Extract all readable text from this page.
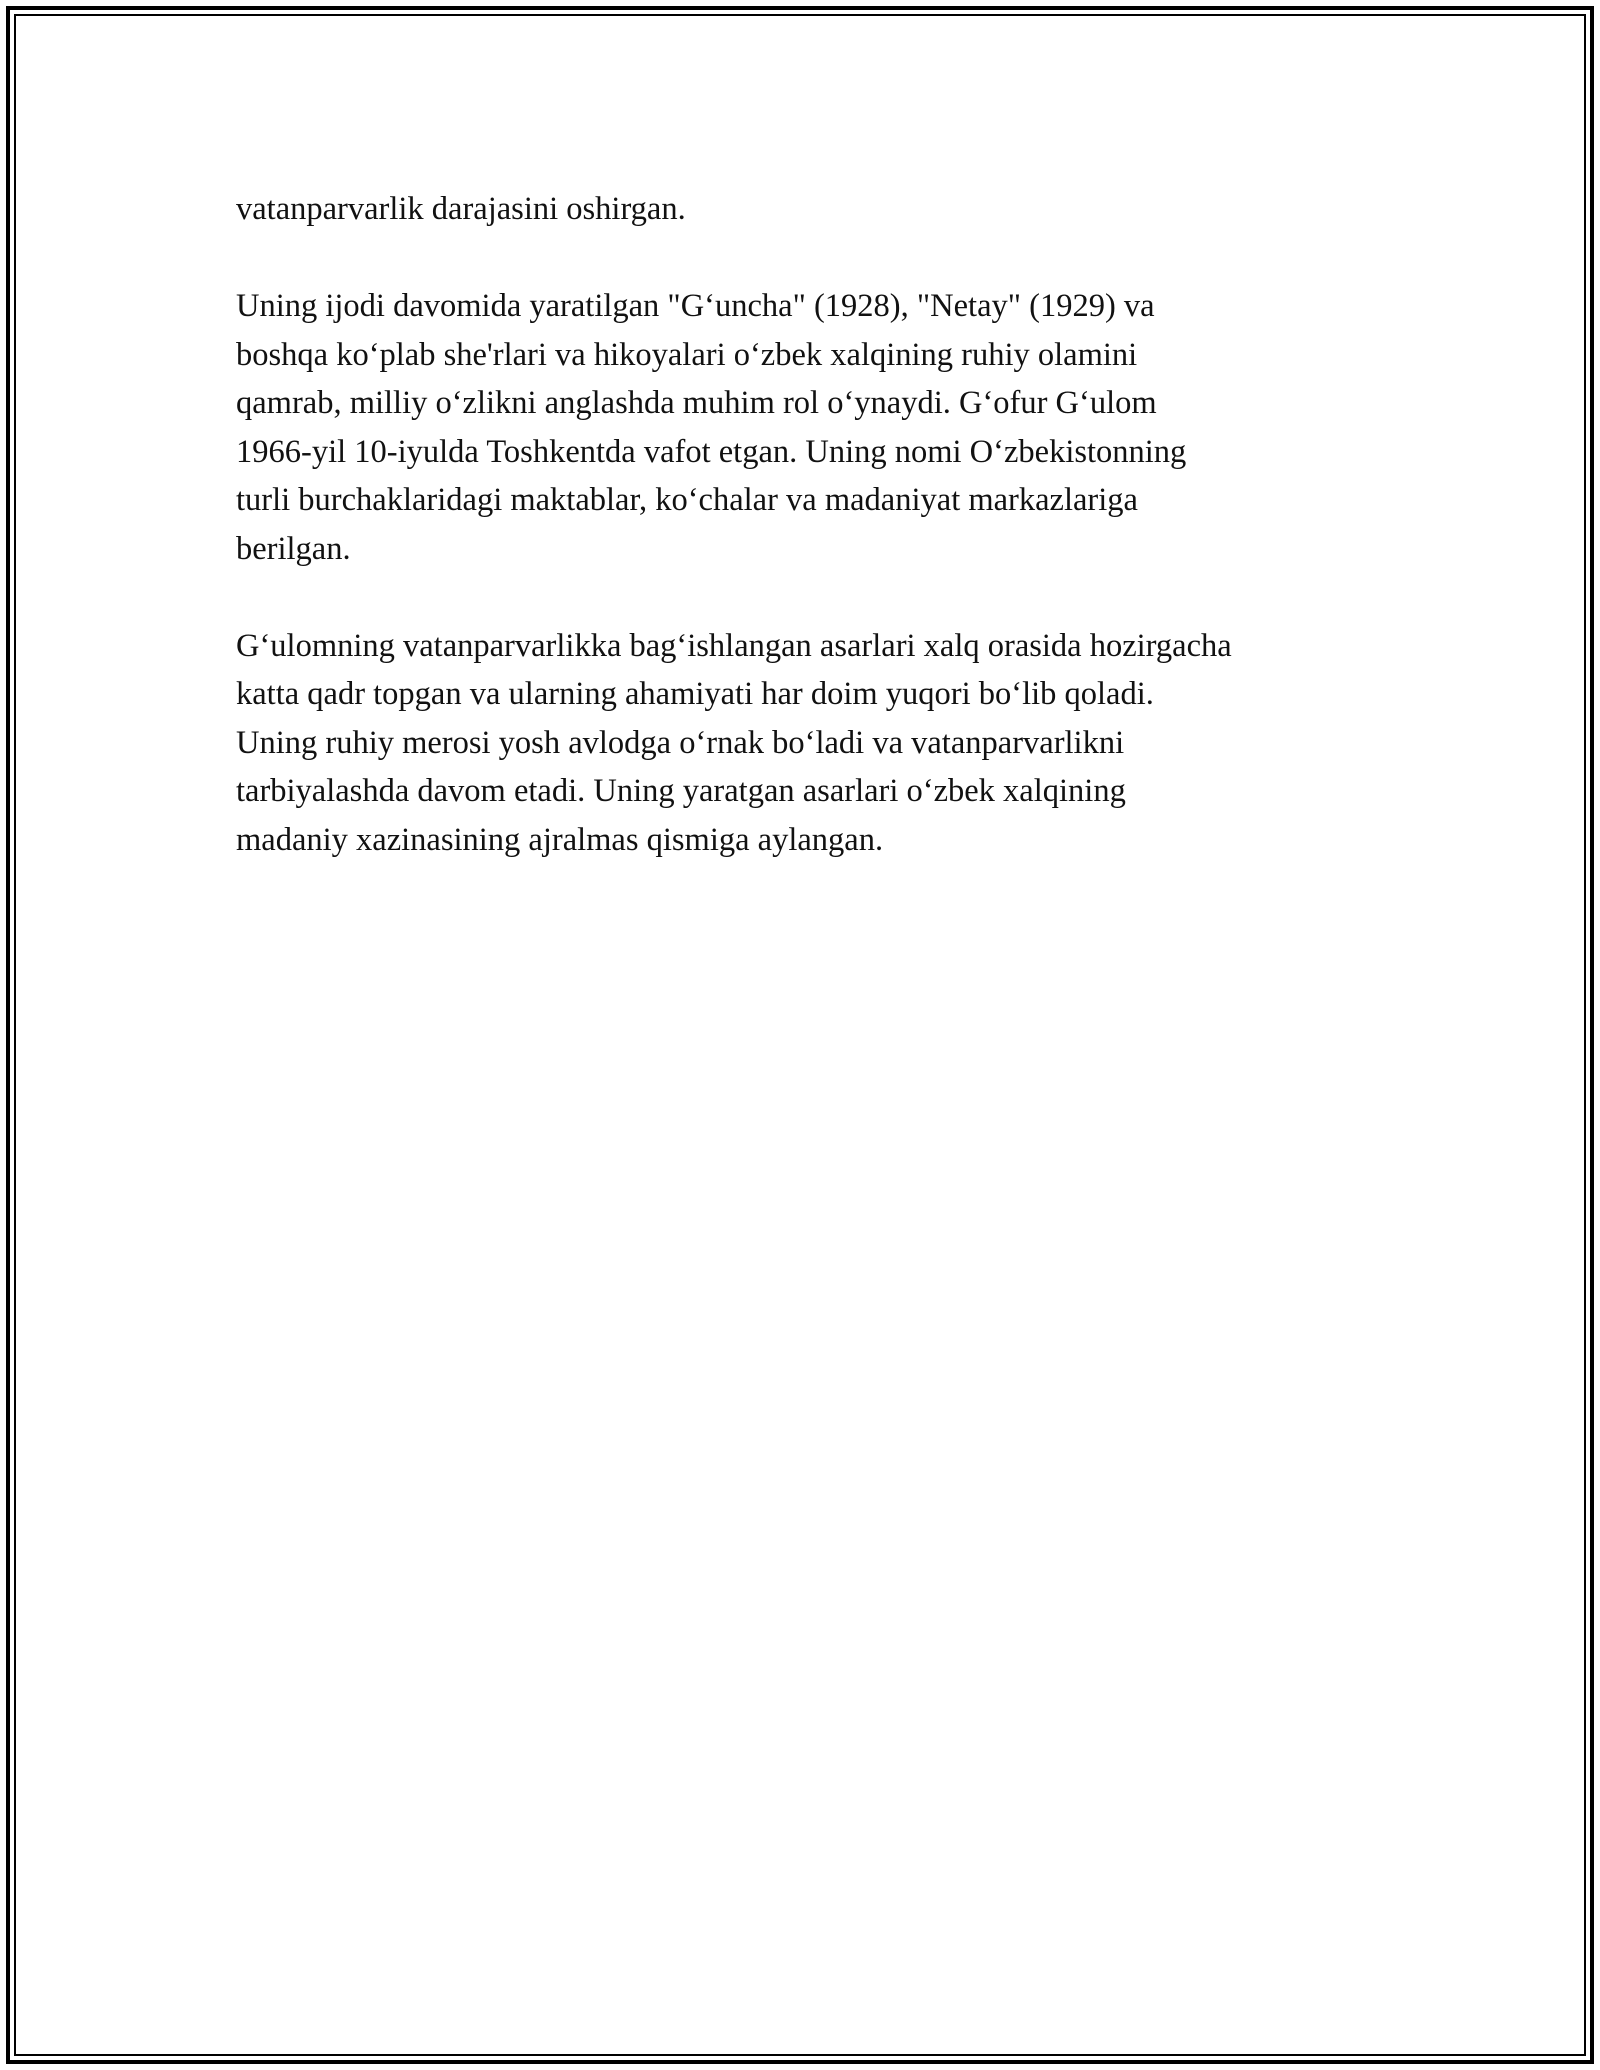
vatanparvarlik darajasini oshirgan.

Uning ijodi davomida yaratilgan "G‘uncha" (1928), "Netay" (1929) va
boshqa ko‘plab she'rlari va hikoyalari o‘zbek xalqining ruhiy olamini
qamrab, milliy o‘zlikni anglashda muhim rol o‘ynaydi. G‘ofur G‘ulom
1966-yil 10-iyulda Toshkentda vafot etgan. Uning nomi O‘zbekistonning
turli burchaklaridagi maktablar, ko‘chalar va madaniyat markazlariga
berilgan.

G‘ulomning vatanparvarlikka bag‘ishlangan asarlari xalq orasida hozirgacha
katta qadr topgan va ularning ahamiyati har doim yuqori bo‘lib qoladi.
Uning ruhiy merosi yosh avlodga o‘rnak bo‘ladi va vatanparvarlikni
tarbiyalashda davom etadi. Uning yaratgan asarlari o‘zbek xalqining
madaniy xazinasining ajralmas qismiga aylangan.
